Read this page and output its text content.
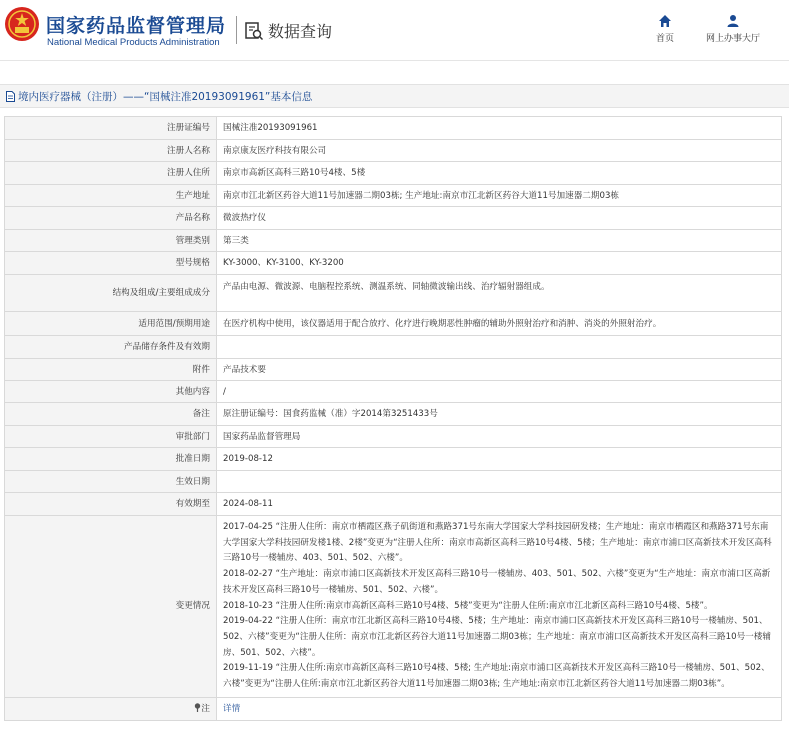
国家药品监督管理局
National Medical Products Administration
数据查询	首页	网上办事大厅
境内医疗器械（注册）——“国械注准20193091961”基本信息
注册证编号	国械注准20193091961
注册人名称	南京康友医疗科技有限公司
注册人住所	南京市高新区高科三路10号4楼、5楼
生产地址	南京市江北新区药谷大道11号加速器二期03栋; 生产地址:南京市江北新区药谷大道11号加速器二期03栋
产品名称	微波热疗仪
管理类别	第三类
型号规格	KY-3000、KY-3100、KY-3200
结构及组成/主要组成成分	产品由电源、微波源、电脑程控系统、测温系统、同轴微波输出线、治疗辐射器组成。
适用范围/预期用途	在医疗机构中使用，该仪器适用于配合放疗、化疗进行晚期恶性肿瘤的辅助外照射治疗和消肿、消炎的外照射治疗。
产品储存条件及有效期	
附件	产品技术要
其他内容	/
备注	原注册证编号：国食药监械（准）字2014第3251433号
审批部门	国家药品监督管理局
批准日期	2019-08-12
生效日期	
有效期至	2024-08-11
变更情况	2017-04-25 “注册人住所：南京市栖霞区燕子矶街道和燕路371号东南大学国家大学科技园研发楼；生产地址：南京市栖霞区和燕路371号东南大学国家大学科技园研发楼1楼、2楼”变更为“注册人住所：南京市高新区高科三路10号4楼、5楼；生产地址：南京市浦口区高新技术开发区高科三路10号一楼辅房、403、501、502、六楼”。
2018-02-27 “生产地址：南京市浦口区高新技术开发区高科三路10号一楼辅房、403、501、502、六楼”变更为“生产地址：南京市浦口区高新技术开发区高科三路10号一楼辅房、501、502、六楼”。
2018-10-23 “注册人住所:南京市高新区高科三路10号4楼、5楼”变更为“注册人住所:南京市江北新区高科三路10号4楼、5楼”。
2019-04-22 “注册人住所：南京市江北新区高科三路10号4楼、5楼；生产地址：南京市浦口区高新技术开发区高科三路10号一楼辅房、501、502、六楼”变更为“注册人住所：南京市江北新区药谷大道11号加速器二期03栋；生产地址：南京市浦口区高新技术开发区高科三路10号一楼辅房、501、502、六楼”。
2019-11-19 “注册人住所:南京市高新区高科三路10号4楼、5楼; 生产地址:南京市浦口区高新技术开发区高科三路10号一楼辅房、501、502、六楼”变更为“注册人住所:南京市江北新区药谷大道11号加速器二期03栋; 生产地址:南京市江北新区药谷大道11号加速器二期03栋”。

注	详情
